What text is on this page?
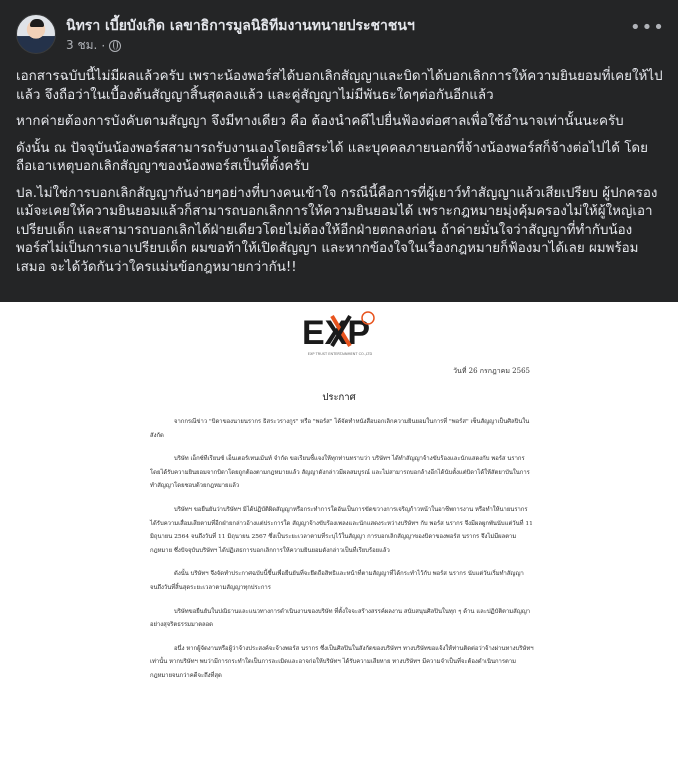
นิทรา เบี้ยบังเกิด เลขาธิการมูลนิธิทีมงานทนายประชาชนฯ
3 ชม. ·
•••

เอกสารฉบับนี้ไม่มีผลแล้วครับ เพราะน้องพอร์สได้บอกเลิกสัญญาและบิดาได้บอกเลิกการให้ความยินยอมที่เคยให้ไปแล้ว จึงถือว่าในเบื้องต้นสัญญาสิ้นสุดลงแล้ว และคู่สัญญาไม่มีพันธะใดๆต่อกันอีกแล้ว

หากค่ายต้องการบังคับตามสัญญา จึงมีทางเดียว คือ ต้องนำคดีไปยื่นฟ้องต่อศาลเพื่อใช้อำนาจเท่านั้นนะครับ

ดังนั้น ณ ปัจจุบันน้องพอร์สสามารถรับงานเองโดยอิสระได้ และบุคคลภายนอกที่จ้างน้องพอร์สก็จ้างต่อไปได้ โดยถือเอาเหตุบอกเลิกสัญญาของน้องพอร์สเป็นที่ตั้งครับ

ปล.ไม่ใช่การบอกเลิกสัญญากันง่ายๆอย่างที่บางคนเข้าใจ กรณีนี้คือการที่ผู้เยาว์ทำสัญญาแล้วเสียเปรียบ ผู้ปกครองแม้จะเคยให้ความยินยอมแล้วก็สามารถบอกเลิกการให้ความยินยอมได้ เพราะกฎหมายมุ่งคุ้มครองไม่ให้ผู้ใหญ่เอาเปรียบเด็ก และสามารถบอกเลิกได้ฝ่ายเดียวโดยไม่ต้องให้อีกฝ่ายตกลงก่อน ถ้าค่ายมั่นใจว่าสัญญาที่ทำกับน้องพอร์สไม่เป็นการเอาเปรียบเด็ก ผมขอท้าให้เปิดสัญญา และหากข้องใจในเรื่องกฎหมายก็ฟ้องมาได้เลย ผมพร้อมเสมอ จะได้วัดกันว่าใครแม่นข้อกฎหมายกว่ากัน!!

EXP
EXP TRUST ENTERTAINMENT CO.,LTD
วันที่ 26 กรกฎาคม 2565
ประกาศ

จากกรณีข่าว "บิดาของนายนรากร ธิสระวรางกูร" หรือ "พอร์ส" ได้จัดทำหนังสือบอกเลิกความยินยอมในการที่ "พอร์ส" เซ็นสัญญาเป็นศิลปินในสังกัด

บริษัท เอ็กซ์ทีเรียนซ์ เอ็นเตอร์เทนเม้นท์ จำกัด ขอเรียนชี้แจงให้ทุกท่านทราบว่า บริษัทฯ ได้ทำสัญญาจ้างขับร้องและนักแสดงกับ พอร์ส นรากร โดยได้รับความยินยอมจากบิดาโดยถูกต้องตามกฎหมายแล้ว สัญญาดังกล่าวมีผลสมบูรณ์ และไม่สามารถบอกล้างอีกได้นับตั้งแต่บิดาได้ให้สัตยาบันในการทำสัญญาโดยชอบด้วยกฎหมายแล้ว

บริษัทฯ ขอยืนยันว่าบริษัทฯ มิได้ปฏิบัติผิดสัญญาหรือกระทำการใดอันเป็นการขัดขวางการเจริญก้าวหน้าในอาชีพการงาน หรือทำให้นายนรากร ได้รับความเสื่อมเสียตามที่อีกฝ่ายกล่าวอ้างแต่ประการใด สัญญาจ้างขับร้องเพลงและนักแสดงระหว่างบริษัทฯ กับ พอร์ส นรากร จึงมีผลผูกพันนับแต่วันที่ 11 มิถุนายน 2564 จนถึงวันที่ 11 มิถุนายน 2567 ซึ่งเป็นระยะเวลาตามที่ระบุไว้ในสัญญา การบอกเลิกสัญญาของบิดาของพอร์ส นรากร จึงไม่มีผลตามกฎหมาย ซึ่งปัจจุบันบริษัทฯ ได้ปฏิเสธการบอกเลิกการให้ความยินยอมดังกล่าวเป็นที่เรียบร้อยแล้ว

ดังนั้น บริษัทฯ จึงจัดทำประกาศฉบับนี้ขึ้นเพื่อยืนยันที่จะยึดถือสิทธิและหน้าที่ตามสัญญาที่ได้กระทำไว้กับ พอร์ส นรากร นับแต่วันเริ่มทำสัญญาจนถึงวันที่สิ้นสุดระยะเวลาตามสัญญาทุกประการ

บริษัทขอยืนยันในปณิธานและแนวทางการดำเนินงานของบริษัท ที่ตั้งใจจะสร้างสรรค์ผลงาน สนับสนุนศิลปินในทุก ๆ ด้าน และปฏิบัติตามสัญญาอย่างสุจริตธรรมมาตลอด

อนึ่ง หากผู้จัดงานหรือผู้ว่าจ้างประสงค์จะจ้างพอร์ส นรากร ซึ่งเป็นศิลปินในสังกัดของบริษัทฯ ทางบริษัทขอแจ้งให้ท่านติดต่อว่าจ้างผ่านทางบริษัทฯ เท่านั้น หากบริษัทฯ พบว่ามีการกระทำใดเป็นการละเมิดและอาจก่อให้บริษัทฯ ได้รับความเสียหาย ทางบริษัทฯ มีความจำเป็นที่จะต้องดำเนินการตามกฎหมายจนกว่าคดีจะถึงที่สุด
